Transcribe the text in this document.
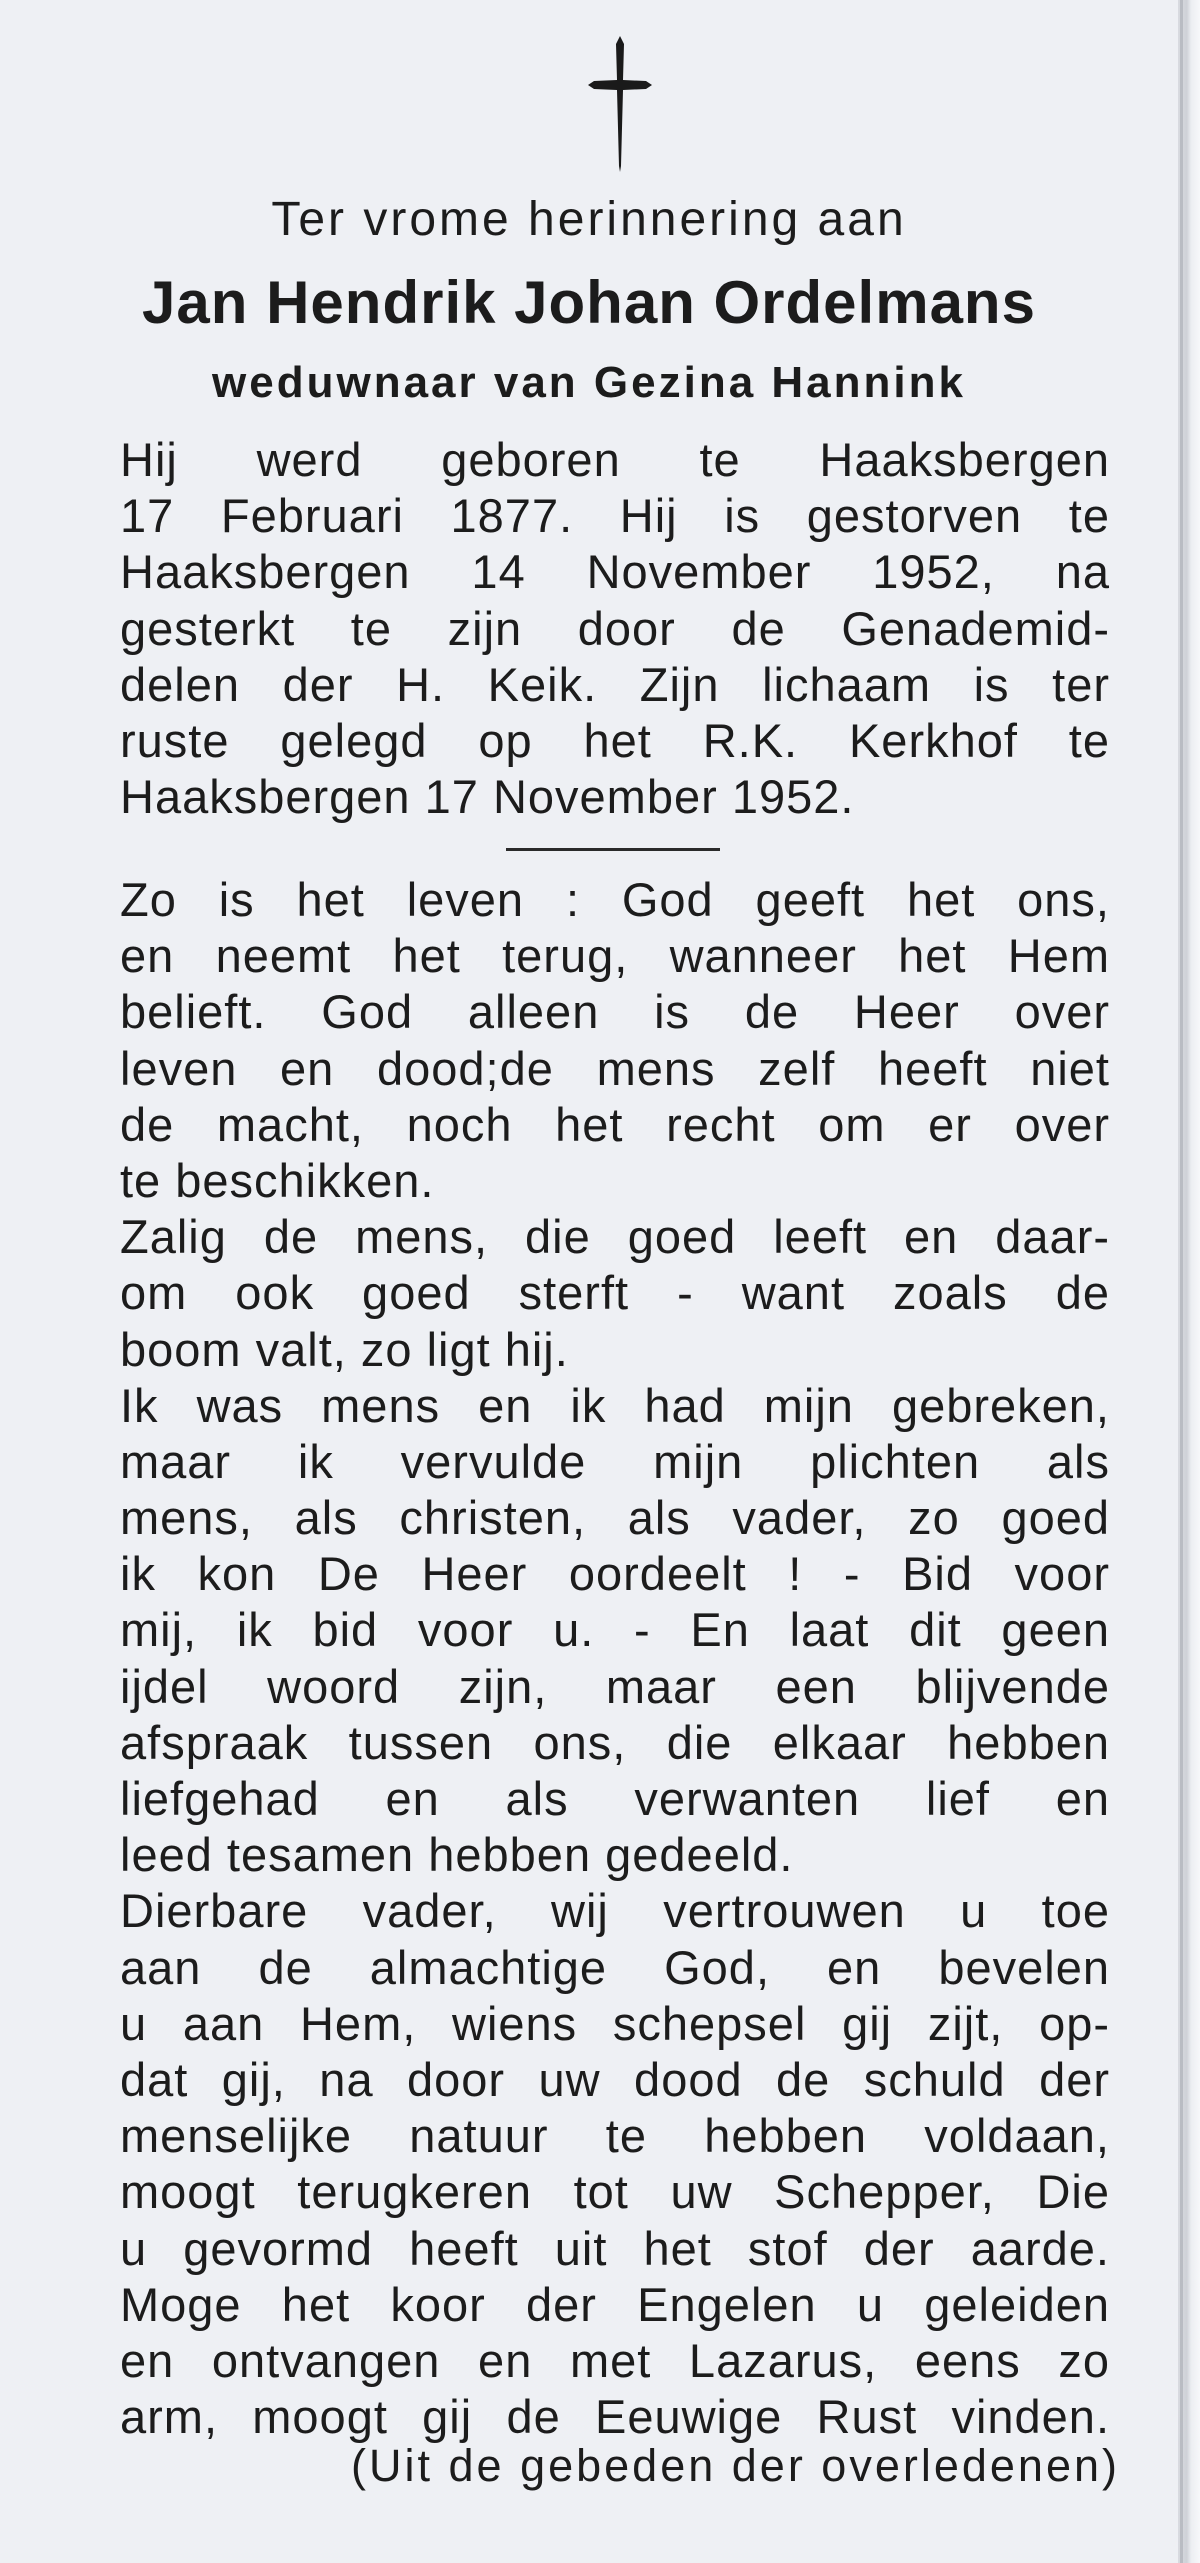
Ter vrome herinnering aan
Jan Hendrik Johan Ordelmans
weduwnaar van Gezina Hannink
Hij werd geboren te Haaksbergen
17 Februari 1877. Hij is gestorven te
Haaksbergen 14 November 1952, na
gesterkt te zijn door de Genademid-
delen der H. Keik. Zijn lichaam is ter
ruste gelegd op het R.K. Kerkhof te
Haaksbergen 17 November 1952.
Zo is het leven : God geeft het ons,
en neemt het terug, wanneer het Hem
belieft. God alleen is de Heer over
leven en dood;de mens zelf heeft niet
de macht, noch het recht om er over
te beschikken.
Zalig de mens, die goed leeft en daar-
om ook goed sterft - want zoals de
boom valt, zo ligt hij.
Ik was mens en ik had mijn gebreken,
maar ik vervulde mijn plichten als
mens, als christen, als vader, zo goed
ik kon De Heer oordeelt ! - Bid voor
mij, ik bid voor u. - En laat dit geen
ijdel woord zijn, maar een blijvende
afspraak tussen ons, die elkaar hebben
liefgehad en als verwanten lief en
leed tesamen hebben gedeeld.
Dierbare vader, wij vertrouwen u toe
aan de almachtige God, en bevelen
u aan Hem, wiens schepsel gij zijt, op-
dat gij, na door uw dood de schuld der
menselijke natuur te hebben voldaan,
moogt terugkeren tot uw Schepper, Die
u gevormd heeft uit het stof der aarde.
Moge het koor der Engelen u geleiden
en ontvangen en met Lazarus, eens zo
arm, moogt gij de Eeuwige Rust vinden.
(Uit de gebeden der overledenen)
